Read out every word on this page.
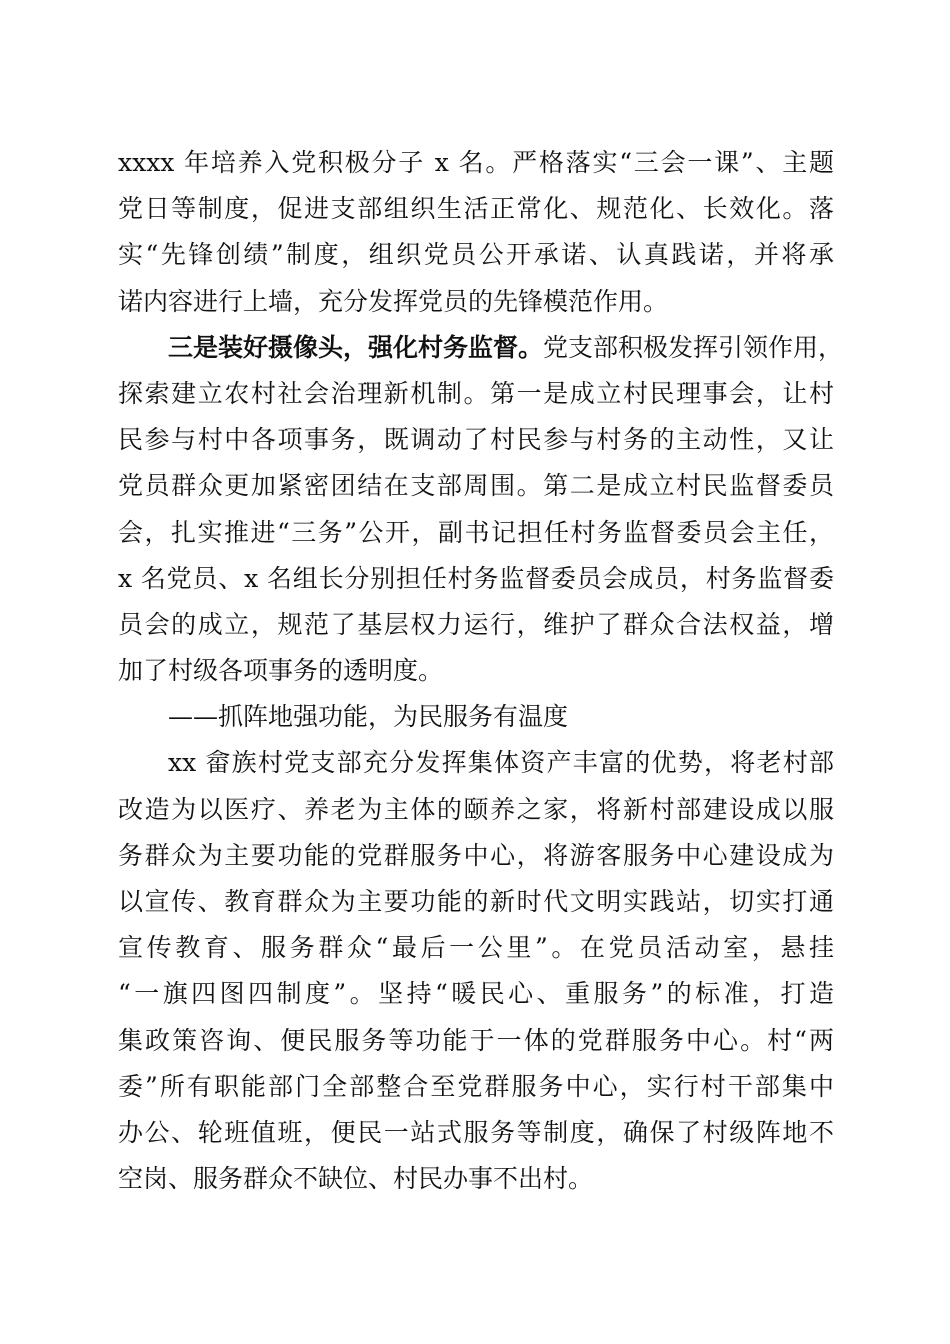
xxxx 年培养入党积极分子 x 名。严格落实“三会一课”、主题
党日等制度，促进支部组织生活正常化、规范化、长效化。落
实“先锋创绩”制度，组织党员公开承诺、认真践诺，并将承
诺内容进行上墙，充分发挥党员的先锋模范作用。
三是装好摄像头，强化村务监督。党支部积极发挥引领作用，
探索建立农村社会治理新机制。第一是成立村民理事会，让村
民参与村中各项事务，既调动了村民参与村务的主动性，又让
党员群众更加紧密团结在支部周围。第二是成立村民监督委员
会，扎实推进“三务”公开，副书记担任村务监督委员会主任，
x 名党员、x 名组长分别担任村务监督委员会成员，村务监督委
员会的成立，规范了基层权力运行，维护了群众合法权益，增
加了村级各项事务的透明度。
——抓阵地强功能，为民服务有温度
xx 畲族村党支部充分发挥集体资产丰富的优势，将老村部
改造为以医疗、养老为主体的颐养之家，将新村部建设成以服
务群众为主要功能的党群服务中心，将游客服务中心建设成为
以宣传、教育群众为主要功能的新时代文明实践站，切实打通
宣传教育、服务群众“最后一公里”。在党员活动室，悬挂
“一旗四图四制度”。坚持“暖民心、重服务”的标准，打造
集政策咨询、便民服务等功能于一体的党群服务中心。村“两
委”所有职能部门全部整合至党群服务中心，实行村干部集中
办公、轮班值班，便民一站式服务等制度，确保了村级阵地不
空岗、服务群众不缺位、村民办事不出村。
